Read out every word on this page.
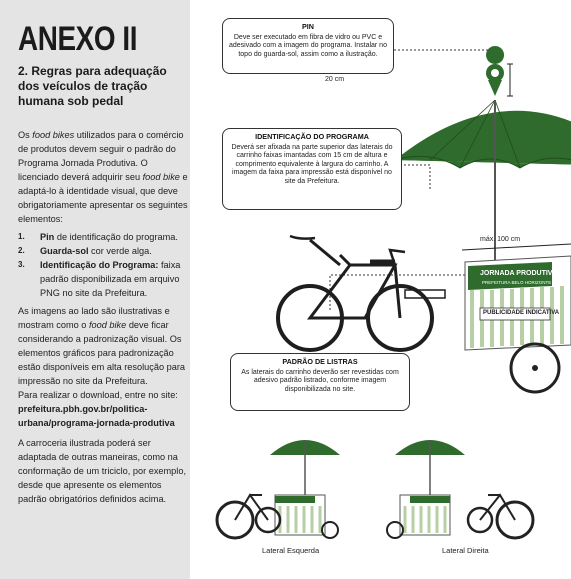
ANEXO II
2. Regras para adequação dos veículos de tração humana sob pedal

Os food bikes utilizados para o comércio de produtos devem seguir o padrão do Programa Jornada Produtiva. O licenciado deverá adquirir seu food bike e adaptá-lo à identidade visual, que deve obrigatoriamente apresentar os seguintes elementos:

1. Pin de identificação do programa.
2. Guarda-sol cor verde alga.
3. Identificação do Programa: faixa padrão disponibilizada em arquivo PNG no site da Prefeitura.

As imagens ao lado são ilustrativas e mostram como o food bike deve ficar considerando a padronização visual. Os elementos gráficos para padronização estão disponíveis em alta resolução para impressão no site da Prefeitura.

Para realizar o download, entre no site:
prefeitura.pbh.gov.br/politica-urbana/programa-jornada-produtiva

A carroceria ilustrada poderá ser adaptada de outras maneiras, como na conformação de um triciclo, por exemplo, desde que apresente os elementos padrão obrigatórios definidos acima.

PIN
Deve ser executado em fibra de vidro ou PVC e adesivado com a imagem do programa. Instalar no topo do guarda-sol, assim como a ilustração.
IDENTIFICAÇÃO DO PROGRAMA
Deverá ser afixada na parte superior das laterais do carrinho faixas imantadas com 15 cm de altura e comprimento equivalente à largura do carrinho. A imagem da faixa para impressão está disponível no site da Prefeitura.
PADRÃO DE LISTRAS
As laterais do carrinho deverão ser revestidas com adesivo padrão listrado, conforme imagem disponibilizada no site.
20 cm
máx. 100 cm
JORNADA PRODUTIVA
PREFEITURA BELO HORIZONTE
PUBLICIDADE INDICATIVA
Lateral Esquerda	Lateral Direita
